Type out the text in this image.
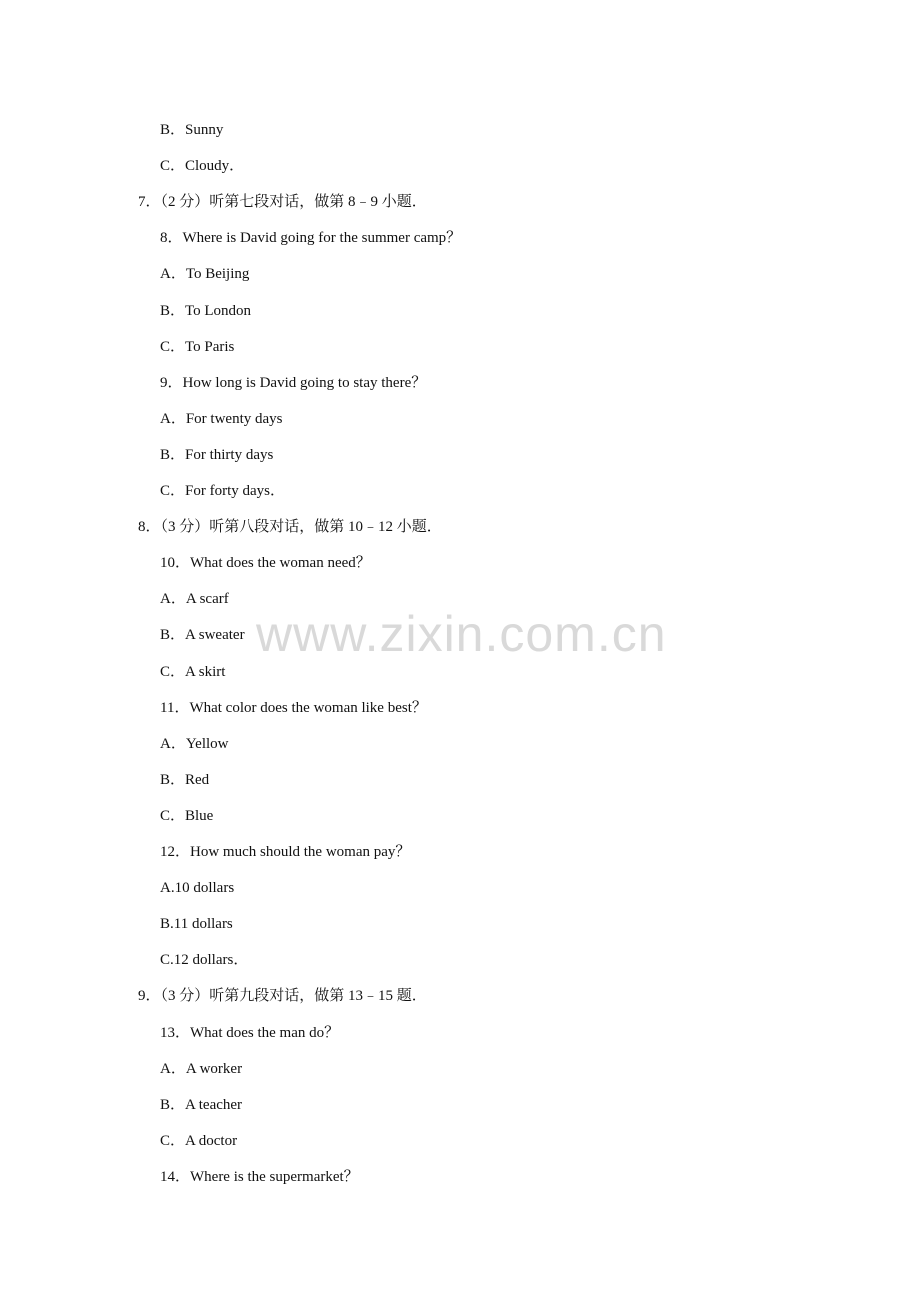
B．Sunny
C．Cloudy．
7．（2 分）听第七段对话，做第 8﹣9 小题．
8．Where is David going for the summer camp？
A．To Beijing
B．To London
C．To Paris
9．How long is David going to stay there？
A．For twenty days
B．For thirty days
C．For forty days．
8．（3 分）听第八段对话，做第 10﹣12 小题．
10．What does the woman need？
A．A scarf
B．A sweater
C．A skirt
11．What color does the woman like best？
A．Yellow
B．Red
C．Blue
12．How much should the woman pay？
A.10 dollars
B.11 dollars
C.12 dollars．
9．（3 分）听第九段对话，做第 13﹣15 题．
13．What does the man do？
A．A worker
B．A teacher
C．A doctor
14．Where is the supermarket？
www.zixin.com.cn
